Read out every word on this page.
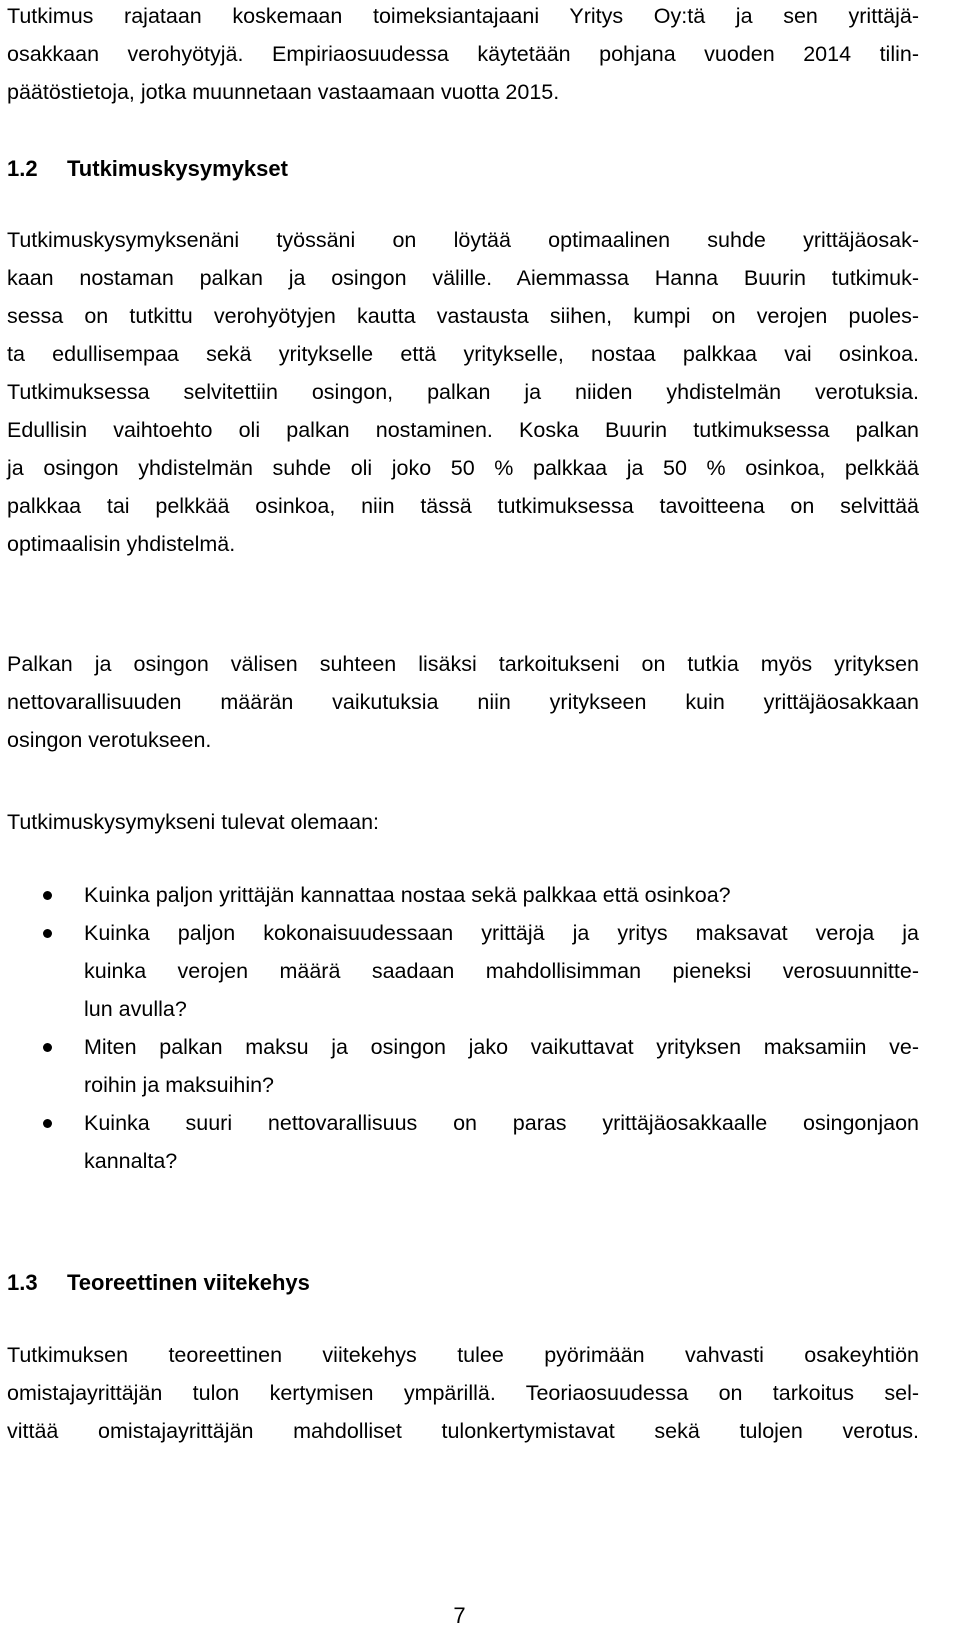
Tutkimus rajataan koskemaan toimeksiantajaani Yritys Oy:tä ja sen yrittäjä-
osakkaan verohyötyjä. Empiriaosuudessa käytetään pohjana vuoden 2014 tilin-
päätöstietoja, jotka muunnetaan vastaamaan vuotta 2015.
1.2 Tutkimuskysymykset
Tutkimuskysymyksenäni työssäni on löytää optimaalinen suhde yrittäjäosak-
kaan nostaman palkan ja osingon välille. Aiemmassa Hanna Buurin tutkimuk-
sessa on tutkittu verohyötyjen kautta vastausta siihen, kumpi on verojen puoles-
ta edullisempaa sekä yritykselle että yritykselle, nostaa palkkaa vai osinkoa.
Tutkimuksessa selvitettiin osingon, palkan ja niiden yhdistelmän verotuksia.
Edullisin vaihtoehto oli palkan nostaminen. Koska Buurin tutkimuksessa palkan
ja osingon yhdistelmän suhde oli joko 50 % palkkaa ja 50 % osinkoa, pelkkää
palkkaa tai pelkkää osinkoa, niin tässä tutkimuksessa tavoitteena on selvittää
optimaalisin yhdistelmä.
Palkan ja osingon välisen suhteen lisäksi tarkoitukseni on tutkia myös yrityksen
nettovarallisuuden määrän vaikutuksia niin yritykseen kuin yrittäjäosakkaan
osingon verotukseen.
Tutkimuskysymykseni tulevat olemaan:
Kuinka paljon yrittäjän kannattaa nostaa sekä palkkaa että osinkoa?
Kuinka paljon kokonaisuudessaan yrittäjä ja yritys maksavat veroja ja
kuinka verojen määrä saadaan mahdollisimman pieneksi verosuunnitte-
lun avulla?
Miten palkan maksu ja osingon jako vaikuttavat yrityksen maksamiin ve-
roihin ja maksuihin?
Kuinka suuri nettovarallisuus on paras yrittäjäosakkaalle osingonjaon
kannalta?
1.3 Teoreettinen viitekehys
Tutkimuksen teoreettinen viitekehys tulee pyörimään vahvasti osakeyhtiön
omistajayrittäjän tulon kertymisen ympärillä. Teoriaosuudessa on tarkoitus sel-
vittää omistajayrittäjän mahdolliset tulonkertymistavat sekä tulojen verotus.
7
